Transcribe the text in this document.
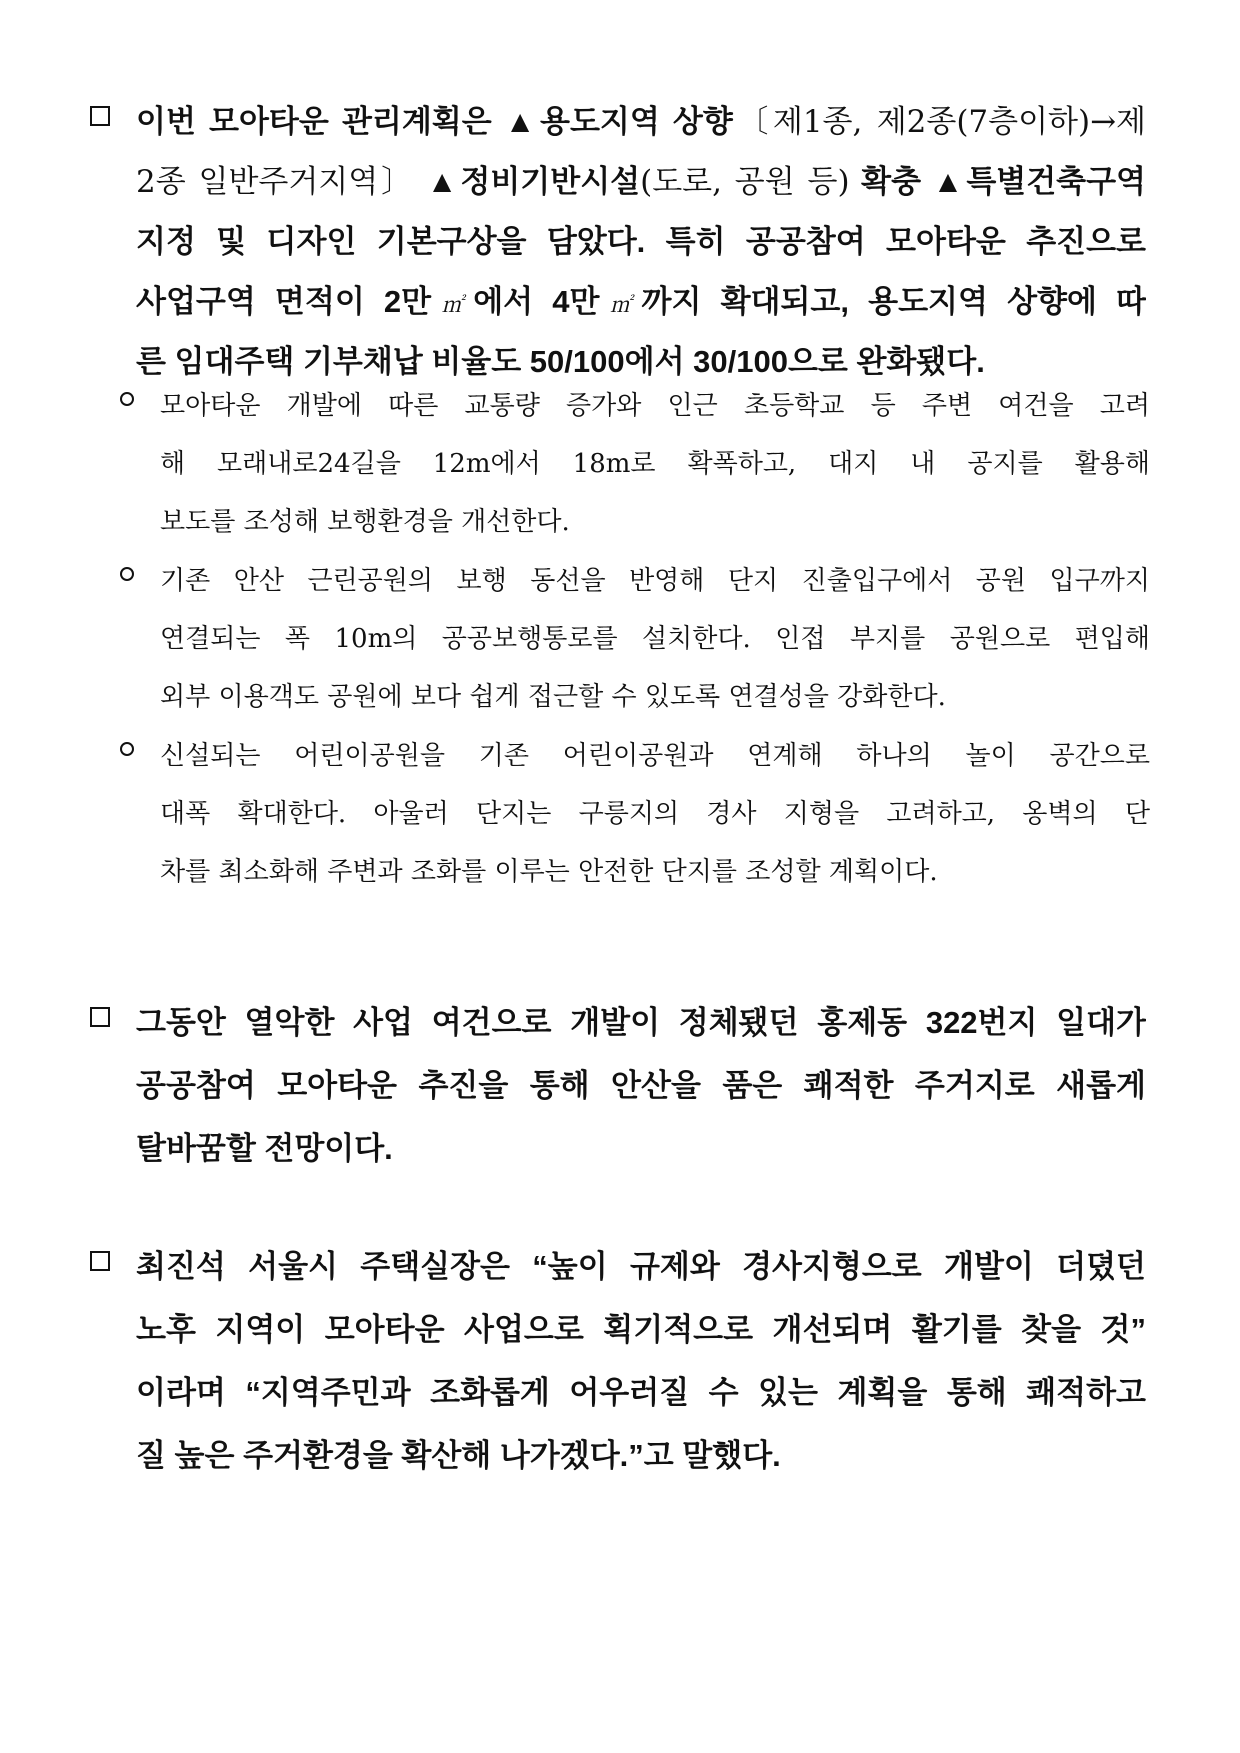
이번 모아타운 관리계획은 ▲용도지역 상향〔제1종, 제2종(7층이하)→제
2종 일반주거지역〕 ▲정비기반시설(도로, 공원 등) 확충 ▲특별건축구역
지정 및 디자인 기본구상을 담았다. 특히 공공참여 모아타운 추진으로
사업구역 면적이 2만㎡에서 4만㎡까지 확대되고, 용도지역 상향에 따
른 임대주택 기부채납 비율도 50/100에서 30/100으로 완화됐다.
모아타운 개발에 따른 교통량 증가와 인근 초등학교 등 주변 여건을 고려
해 모래내로24길을 12m에서 18m로 확폭하고, 대지 내 공지를 활용해
보도를 조성해 보행환경을 개선한다.
기존 안산 근린공원의 보행 동선을 반영해 단지 진출입구에서 공원 입구까지
연결되는 폭 10m의 공공보행통로를 설치한다. 인접 부지를 공원으로 편입해
외부 이용객도 공원에 보다 쉽게 접근할 수 있도록 연결성을 강화한다.
신설되는 어린이공원을 기존 어린이공원과 연계해 하나의 놀이 공간으로
대폭 확대한다. 아울러 단지는 구릉지의 경사 지형을 고려하고, 옹벽의 단
차를 최소화해 주변과 조화를 이루는 안전한 단지를 조성할 계획이다.
그동안 열악한 사업 여건으로 개발이 정체됐던 홍제동 322번지 일대가
공공참여 모아타운 추진을 통해 안산을 품은 쾌적한 주거지로 새롭게
탈바꿈할 전망이다.
최진석 서울시 주택실장은 “높이 규제와 경사지형으로 개발이 더뎠던
노후 지역이 모아타운 사업으로 획기적으로 개선되며 활기를 찾을 것”
이라며 “지역주민과 조화롭게 어우러질 수 있는 계획을 통해 쾌적하고
질 높은 주거환경을 확산해 나가겠다.”고 말했다.
